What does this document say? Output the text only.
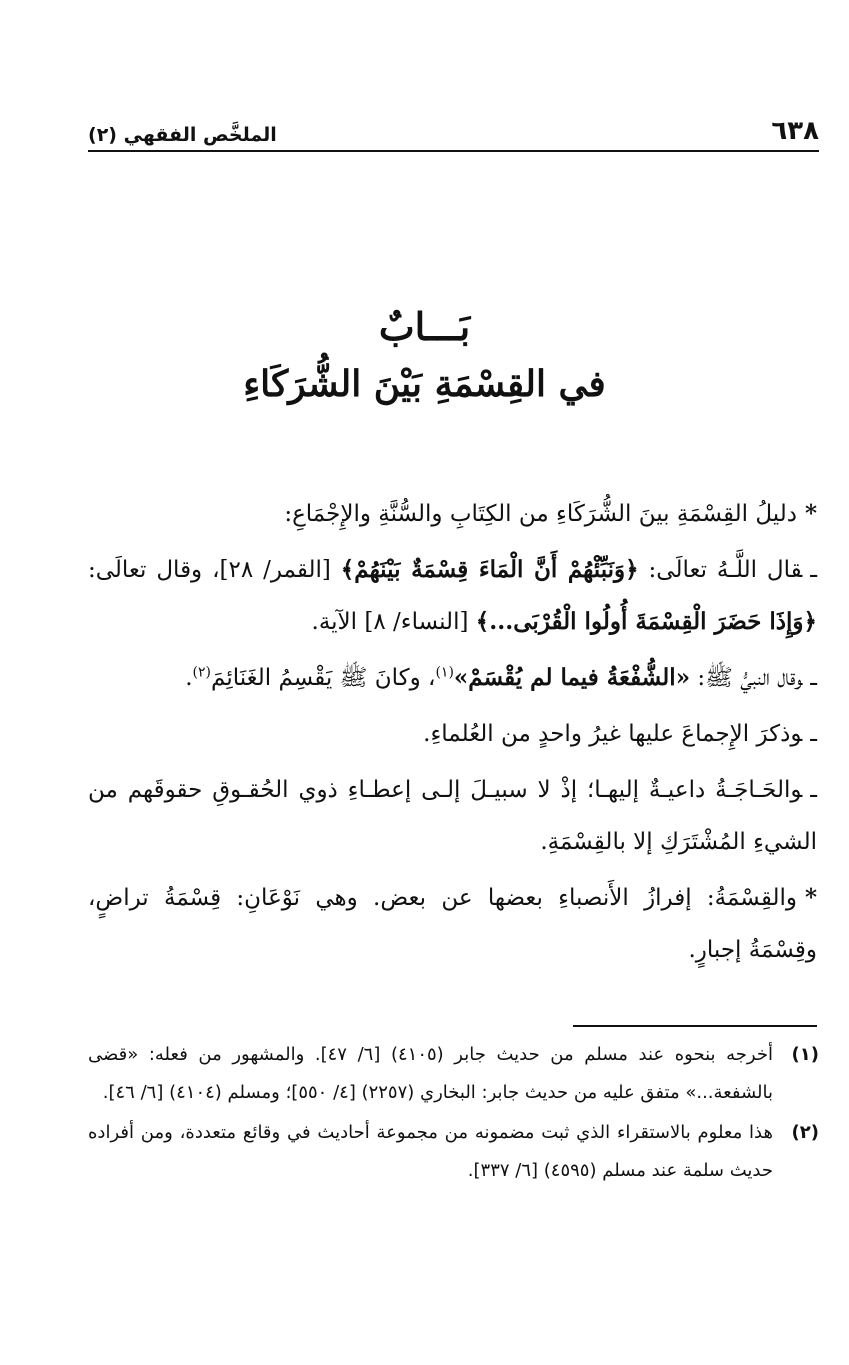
٦٣٨
الملخَّص الفقهي (٢)
بَـــابٌ
في القِسْمَةِ بَيْنَ الشُّرَكَاءِ

*دليلُ القِسْمَةِ بينَ الشُّرَكَاءِ من الكِتَابِ والسُّنَّةِ والإِجْمَاعِ:

ـقال اللَّـهُ تعالَى: ﴿وَنَبِّئْهُمْ أَنَّ الْمَاءَ قِسْمَةٌ بَيْنَهُمْ﴾ [القمر/ ٢٨]، وقال تعالَى: ﴿وَإِذَا حَضَرَ الْقِسْمَةَ أُولُوا الْقُرْبَى...﴾ [النساء/ ٨] الآية.

ـوقال النبيُّ ﷺ: «الشُّفْعَةُ فيما لم يُقْسَمْ»$^{(١)}$، وكانَ ﷺ يَقْسِمُ الغَنَائِمَ$^{(٢)}$.

ـوذكرَ الإِجماعَ عليها غيرُ واحدٍ من العُلماءِ.

ـوالحَـاجَـةُ داعيـةٌ إليهـا؛ إذْ لا سبيـلَ إلـى إعطـاءِ ذوي الحُقـوقِ حقوقَهم من الشيءِ المُشْتَرَكِ إلا بالقِسْمَةِ.

*والقِسْمَةُ: إفرازُ الأَنصباءِ بعضها عن بعض. وهي نَوْعَانِ: قِسْمَةُ تراضٍ، وقِسْمَةُ إجبارٍ.

(١)
أخرجه بنحوه عند مسلم من حديث جابر (٤١٠٥) [٦/ ٤٧]. والمشهور من فعله: «قضى بالشفعة...» متفق عليه من حديث جابر: البخاري (٢٢٥٧) [٤/ ٥٥٠]؛ ومسلم (٤١٠٤) [٦/ ٤٦].
(٢)
هذا معلوم بالاستقراء الذي ثبت مضمونه من مجموعة أحاديث في وقائع متعددة، ومن أفراده حديث سلمة عند مسلم (٤٥٩٥) [٦/ ٣٣٧].
